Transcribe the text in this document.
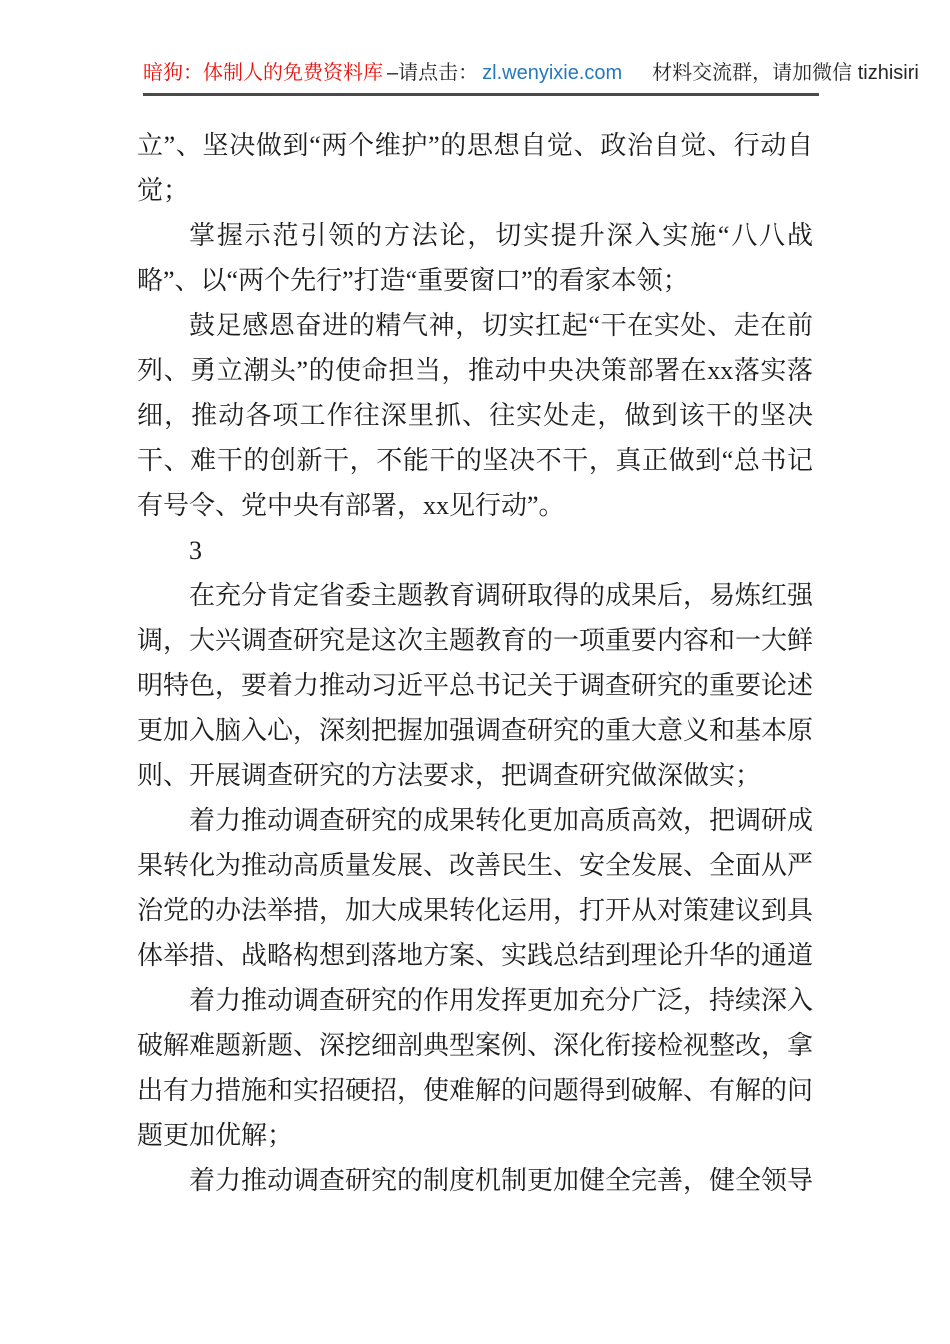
暗狗：体制人的免费资料库 –请点击： zl.wenyixie.com 材料交流群，请加微信 tizhisiri

立”、坚决做到“两个维护”的思想自觉、政治自觉、行动自觉；

掌握示范引领的方法论，切实提升深入实施“八八战略”、以“两个先行”打造“重要窗口”的看家本领；

鼓足感恩奋进的精气神，切实扛起“干在实处、走在前列、勇立潮头”的使命担当，推动中央决策部署在xx落实落细，推动各项工作往深里抓、往实处走，做到该干的坚决干、难干的创新干，不能干的坚决不干，真正做到“总书记有号令、党中央有部署，xx见行动”。

3

在充分肯定省委主题教育调研取得的成果后，易炼红强调，大兴调查研究是这次主题教育的一项重要内容和一大鲜明特色，要着力推动习近平总书记关于调查研究的重要论述更加入脑入心，深刻把握加强调查研究的重大意义和基本原则、开展调查研究的方法要求，把调查研究做深做实；

着力推动调查研究的成果转化更加高质高效，把调研成果转化为推动高质量发展、改善民生、安全发展、全面从严治党的办法举措，加大成果转化运用，打开从对策建议到具体举措、战略构想到落地方案、实践总结到理论升华的通道

着力推动调查研究的作用发挥更加充分广泛，持续深入破解难题新题、深挖细剖典型案例、深化衔接检视整改，拿出有力措施和实招硬招，使难解的问题得到破解、有解的问题更加优解；

着力推动调查研究的制度机制更加健全完善，健全领导
